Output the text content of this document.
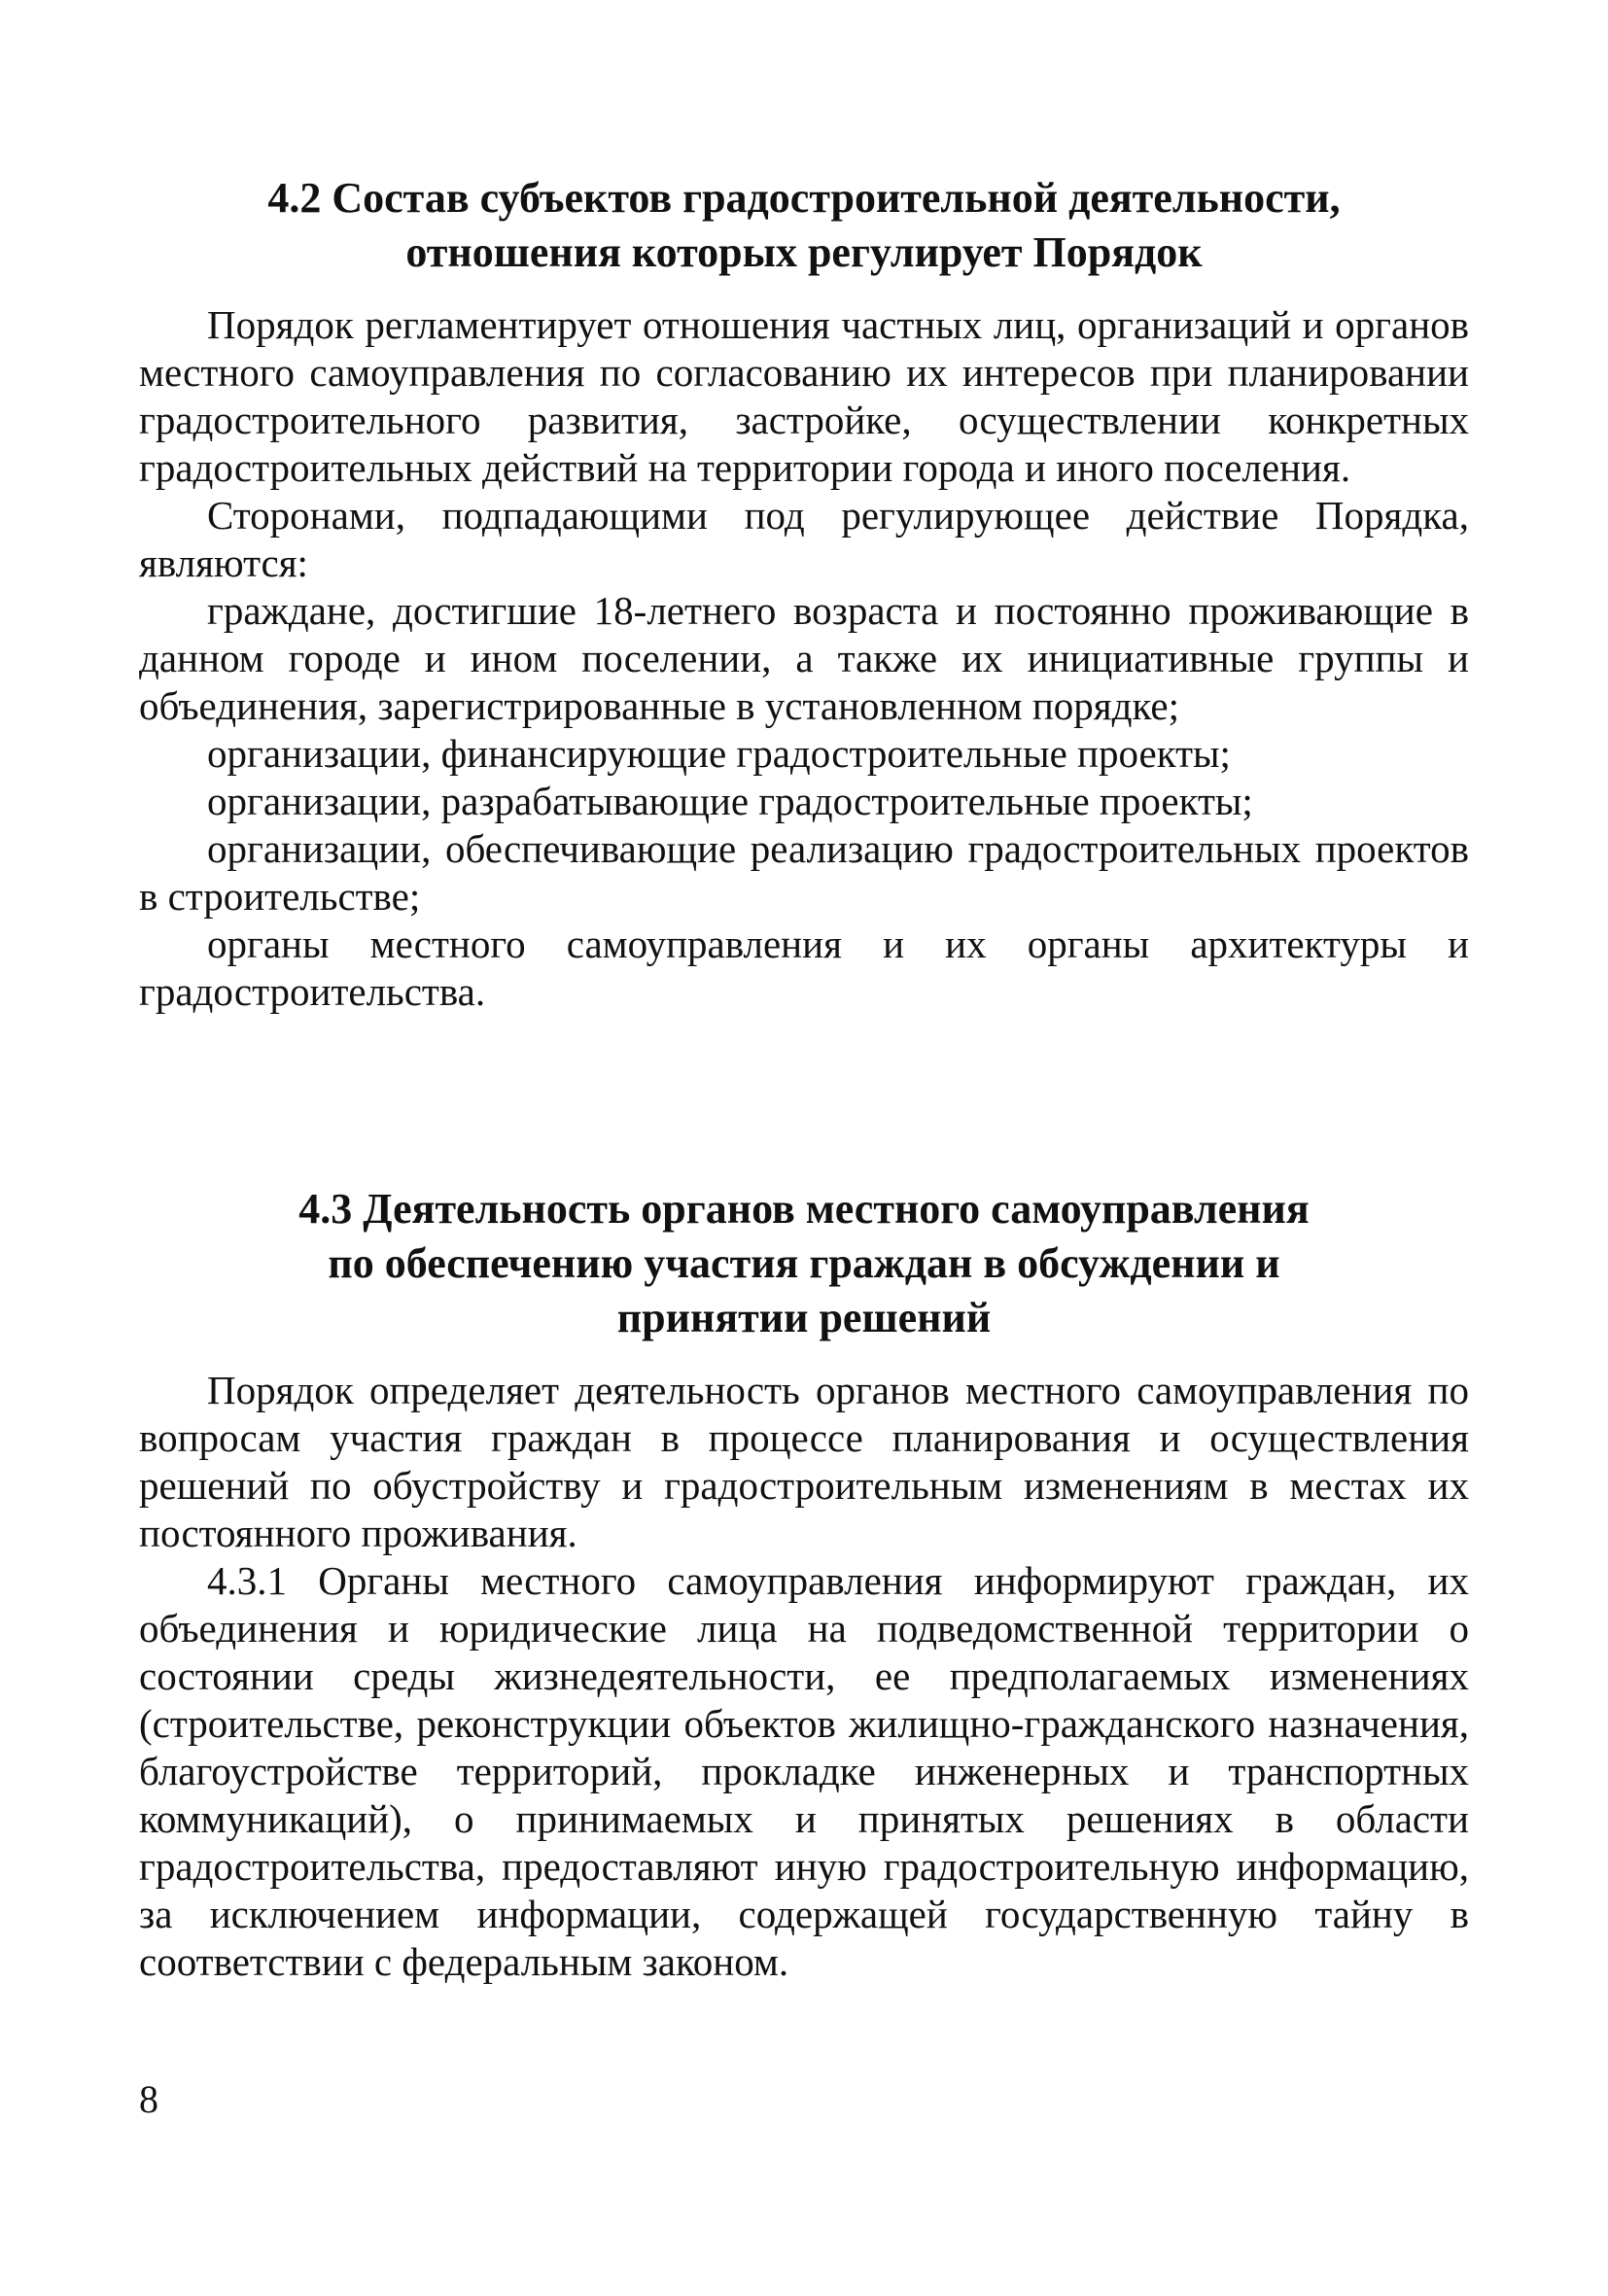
4.2 Состав субъектов градостроительной деятельности,
отношения которых регулирует Порядок

Порядок регламентирует отношения частных лиц, организаций и органов местного самоуправления по согласованию их интересов при планировании градостроительного развития, застройке, осуществлении конкретных градостроительных действий на территории города и иного поселения.

Сторонами, подпадающими под регулирующее действие Порядка, являются:

граждане, достигшие 18-летнего возраста и постоянно проживающие в данном городе и ином поселении, а также их инициативные группы и объединения, зарегистрированные в установленном порядке;

организации, финансирующие градостроительные проекты;

организации, разрабатывающие градостроительные проекты;

организации, обеспечивающие реализацию градостроительных проектов в строительстве;

органы местного самоуправления и их органы архитектуры и градостроительства.

4.3 Деятельность органов местного самоуправления
по обеспечению участия граждан в обсуждении и
принятии решений

Порядок определяет деятельность органов местного самоуправления по вопросам участия граждан в процессе планирования и осуществления решений по обустройству и градостроительным изменениям в местах их постоянного проживания.

4.3.1 Органы местного самоуправления информируют граждан, их объединения и юридические лица на подведомственной территории о состоянии среды жизнедеятельности, ее предполагаемых изменениях (строительстве, реконструкции объектов жилищно-гражданского назначения, благоустройстве территорий, прокладке инженерных и транспортных коммуникаций), о принимаемых и принятых решениях в области градостроительства, предоставляют иную градостроительную информацию, за исключением информации, содержащей государственную тайну в соответствии с федеральным законом.

8
